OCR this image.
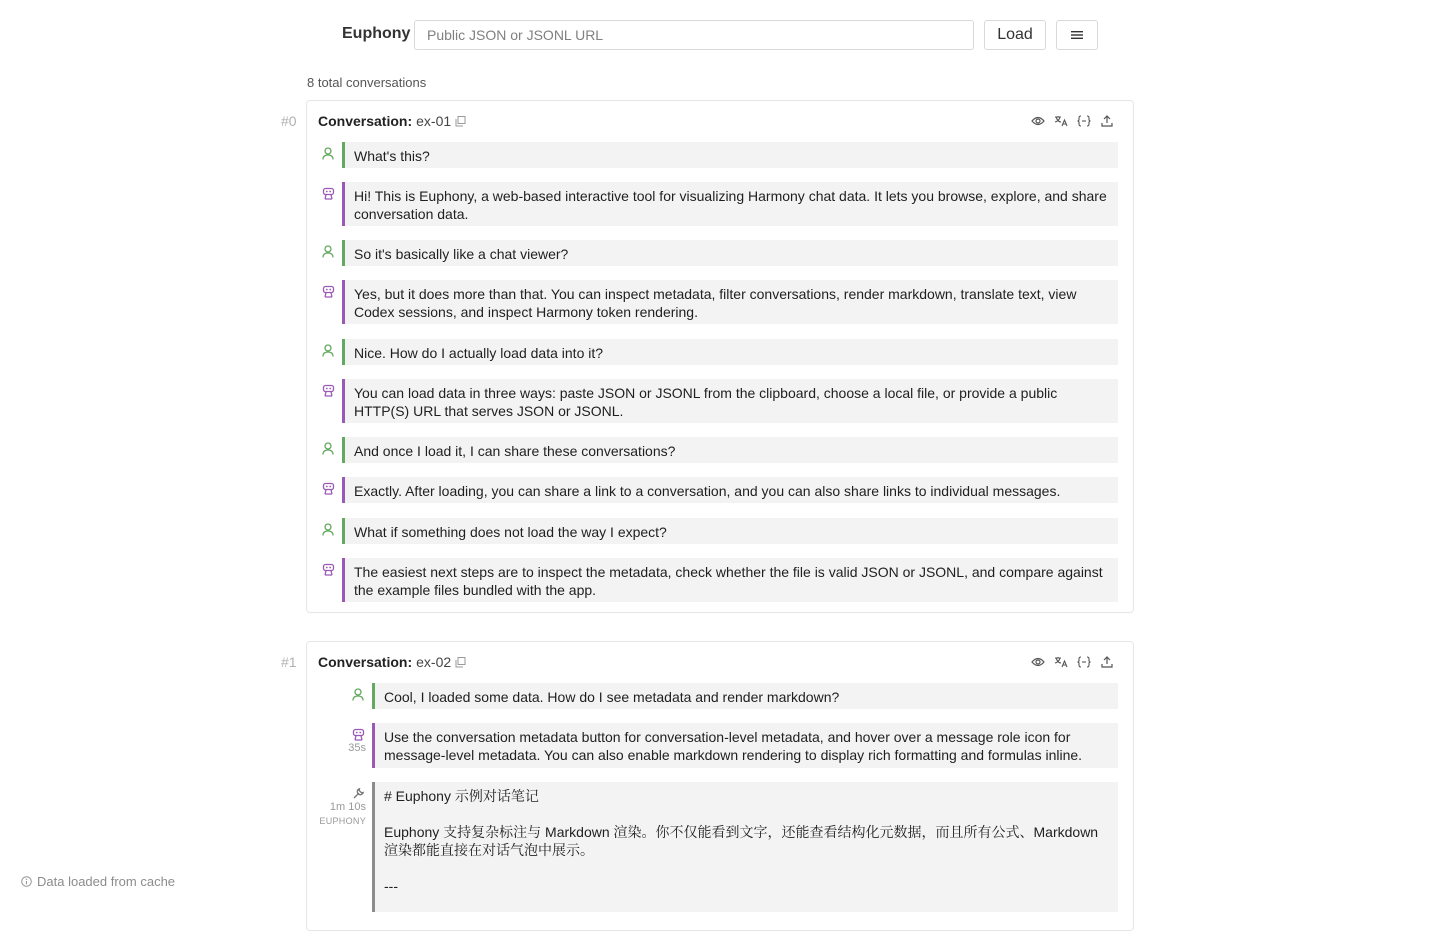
Euphony
Public JSON or JSONL URL	Load
8 total conversations
#0 Conversation: ex-01
What's this?
Hi! This is Euphony, a web-based interactive tool for visualizing Harmony chat data. It lets you browse, explore, and share conversation data.
So it's basically like a chat viewer?
Yes, but it does more than that. You can inspect metadata, filter conversations, render markdown, translate text, view Codex sessions, and inspect Harmony token rendering.
Nice. How do I actually load data into it?
You can load data in three ways: paste JSON or JSONL from the clipboard, choose a local file, or provide a public HTTP(S) URL that serves JSON or JSONL.
And once I load it, I can share these conversations?
Exactly. After loading, you can share a link to a conversation, and you can also share links to individual messages.
What if something does not load the way I expect?
The easiest next steps are to inspect the metadata, check whether the file is valid JSON or JSONL, and compare against the example files bundled with the app.
#1 Conversation: ex-02
Cool, I loaded some data. How do I see metadata and render markdown?
Use the conversation metadata button for conversation-level metadata, and hover over a message role icon for message-level metadata. You can also enable markdown rendering to display rich formatting and formulas inline.
35s
# Euphony 示例对话笔记
Euphony 支持复杂标注与 Markdown 渲染。你不仅能看到文字，还能查看结构化元数据，而且所有公式、Markdown 渲染都能直接在对话气泡中展示。
---
1m 10s
EUPHONY
Data loaded from cache
